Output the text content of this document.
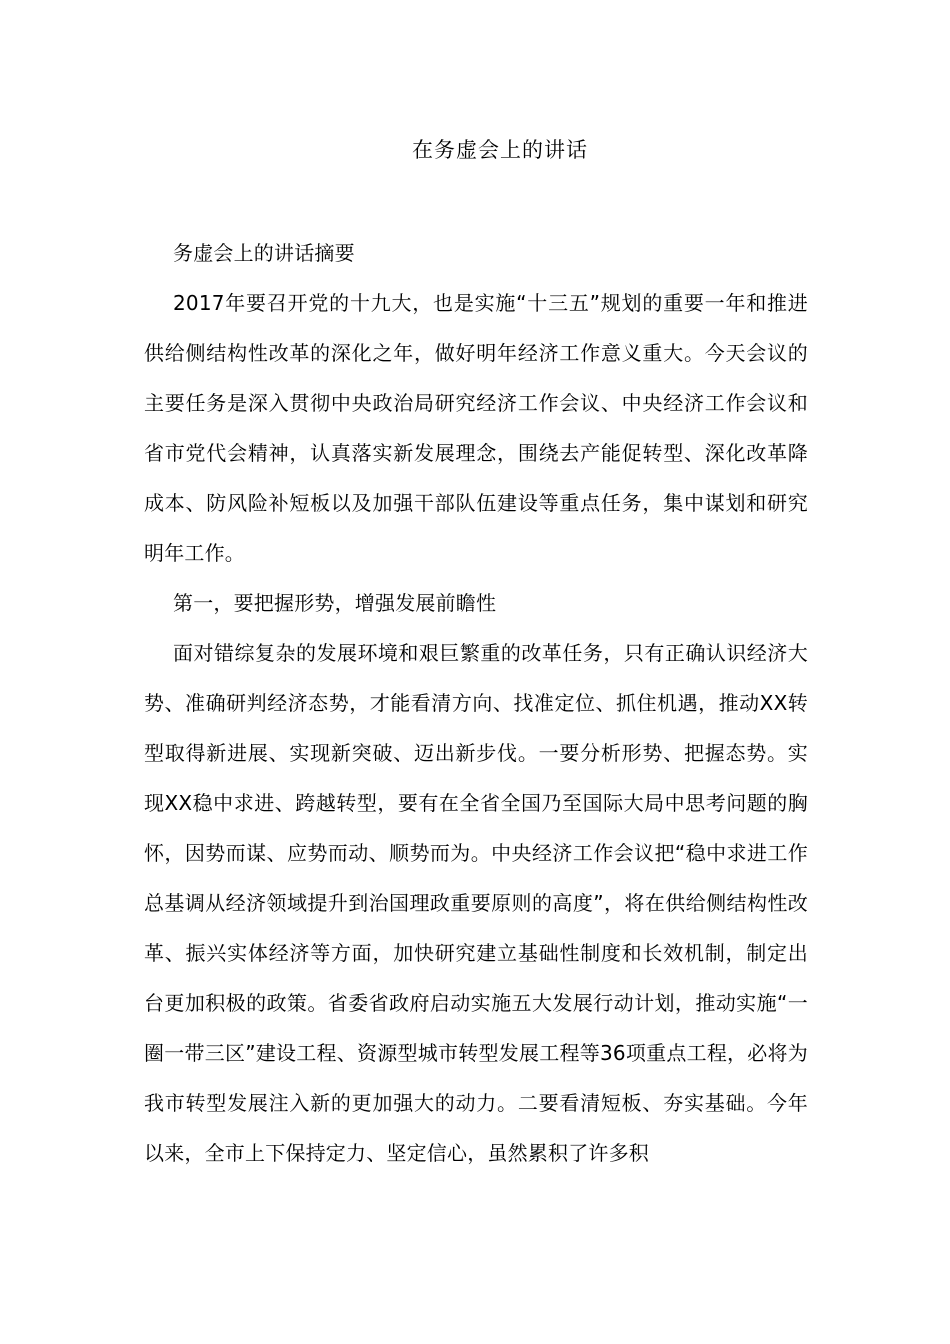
在务虚会上的讲话

务虚会上的讲话摘要

2017年要召开党的十九大，也是实施“十三五”规划的重要一年和推进供给侧结构性改革的深化之年，做好明年经济工作意义重大。今天会议的主要任务是深入贯彻中央政治局研究经济工作会议、中央经济工作会议和省市党代会精神，认真落实新发展理念，围绕去产能促转型、深化改革降成本、防风险补短板以及加强干部队伍建设等重点任务，集中谋划和研究明年工作。

第一，要把握形势，增强发展前瞻性

面对错综复杂的发展环境和艰巨繁重的改革任务，只有正确认识经济大势、准确研判经济态势，才能看清方向、找准定位、抓住机遇，推动XX转型取得新进展、实现新突破、迈出新步伐。一要分析形势、把握态势。实现XX稳中求进、跨越转型，要有在全省全国乃至国际大局中思考问题的胸怀，因势而谋、应势而动、顺势而为。中央经济工作会议把“稳中求进工作总基调从经济领域提升到治国理政重要原则的高度”，将在供给侧结构性改革、振兴实体经济等方面，加快研究建立基础性制度和长效机制，制定出台更加积极的政策。省委省政府启动实施五大发展行动计划，推动实施“一圈一带三区”建设工程、资源型城市转型发展工程等36项重点工程，必将为我市转型发展注入新的更加强大的动力。二要看清短板、夯实基础。今年以来，全市上下保持定力、坚定信心，虽然累积了许多积
